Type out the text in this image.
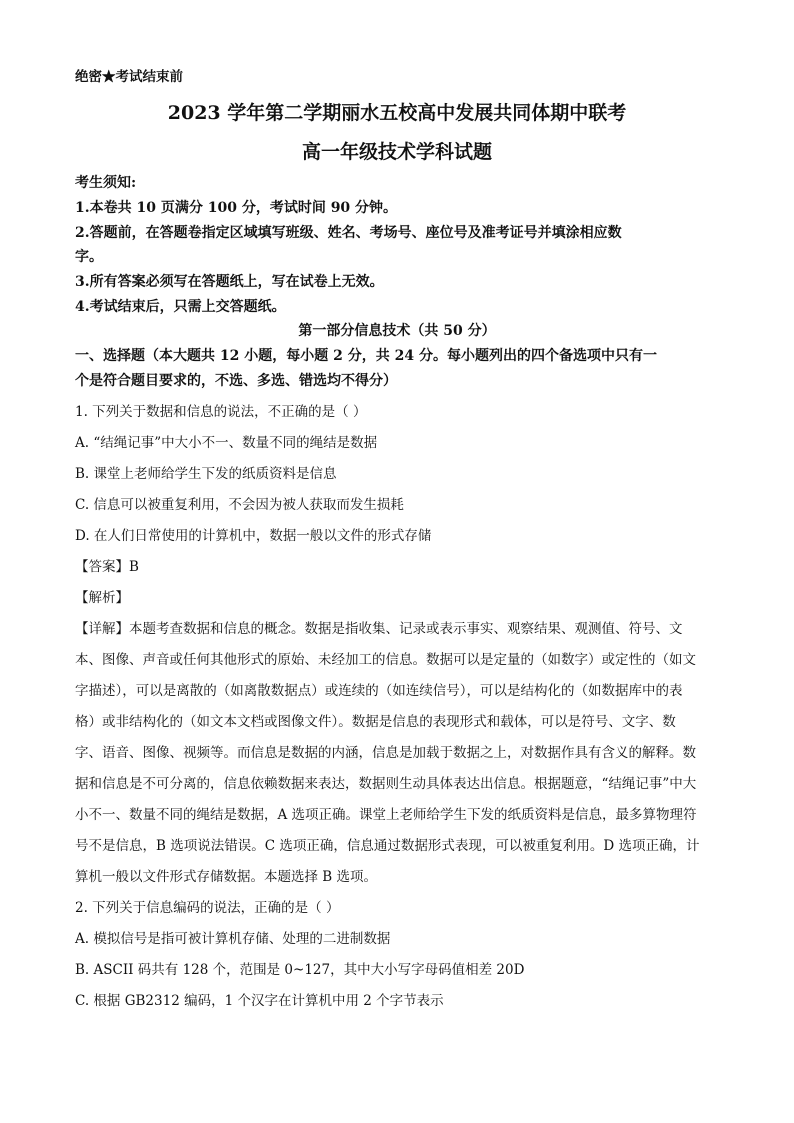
绝密★考试结束前
2023 学年第二学期丽水五校高中发展共同体期中联考
高一年级技术学科试题
考生须知:
1.本卷共 10 页满分 100 分，考试时间 90 分钟。
2.答题前，在答题卷指定区域填写班级、姓名、考场号、座位号及准考证号并填涂相应数
字。
3.所有答案必须写在答题纸上，写在试卷上无效。
4.考试结束后，只需上交答题纸。
第一部分信息技术（共 50 分）
一、选择题（本大题共 12 小题，每小题 2 分，共 24 分。每小题列出的四个备选项中只有一
个是符合题目要求的，不选、多选、错选均不得分）
1. 下列关于数据和信息的说法，不正确的是（ ）
A. “结绳记事”中大小不一、数量不同的绳结是数据
B. 课堂上老师给学生下发的纸质资料是信息
C. 信息可以被重复利用，不会因为被人获取而发生损耗
D. 在人们日常使用的计算机中，数据一般以文件的形式存储
【答案】B
【解析】
【详解】本题考查数据和信息的概念。数据是指收集、记录或表示事实、观察结果、观测值、符号、文
本、图像、声音或任何其他形式的原始、未经加工的信息。数据可以是定量的（如数字）或定性的（如文
字描述），可以是离散的（如离散数据点）或连续的（如连续信号），可以是结构化的（如数据库中的表
格）或非结构化的（如文本文档或图像文件）。数据是信息的表现形式和载体，可以是符号、文字、数
字、语音、图像、视频等。而信息是数据的内涵，信息是加载于数据之上，对数据作具有含义的解释。数
据和信息是不可分离的，信息依赖数据来表达，数据则生动具体表达出信息。根据题意，“结绳记事”中大
小不一、数量不同的绳结是数据，A 选项正确。课堂上老师给学生下发的纸质资料是信息，最多算物理符
号不是信息，B 选项说法错误。C 选项正确，信息通过数据形式表现，可以被重复利用。D 选项正确，计
算机一般以文件形式存储数据。本题选择 B 选项。
2. 下列关于信息编码的说法，正确的是（ ）
A. 模拟信号是指可被计算机存储、处理的二进制数据
B. ASCII 码共有 128 个，范围是 0~127，其中大小写字母码值相差 20D
C. 根据 GB2312 编码，1 个汉字在计算机中用 2 个字节表示
